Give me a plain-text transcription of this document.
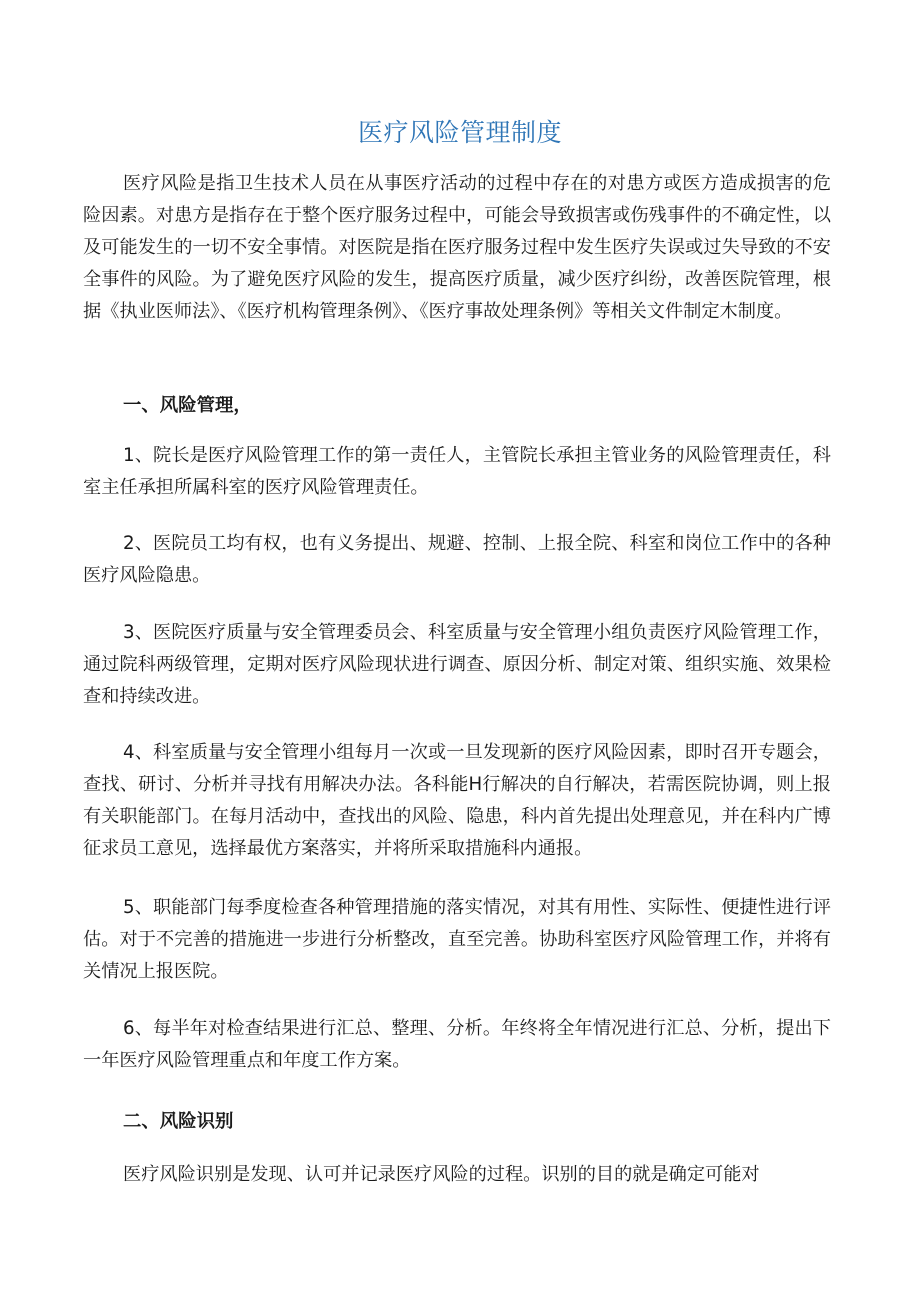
医疗风险管理制度
医疗风险是指卫生技术人员在从事医疗活动的过程中存在的对患方或医方造成损害的危险因素。对患方是指存在于整个医疗服务过程中，可能会导致损害或伤残事件的不确定性，以及可能发生的一切不安全事情。对医院是指在医疗服务过程中发生医疗失误或过失导致的不安全事件的风险。为了避免医疗风险的发生，提高医疗质量，减少医疗纠纷，改善医院管理，根据《执业医师法》、《医疗机构管理条例》、《医疗事故处理条例》等相关文件制定木制度。
一、风险管理，
1、院长是医疗风险管理工作的第一责任人，主管院长承担主管业务的风险管理责任，科室主任承担所属科室的医疗风险管理责任。
2、医院员工均有权，也有义务提出、规避、控制、上报全院、科室和岗位工作中的各种医疗风险隐患。
3、医院医疗质量与安全管理委员会、科室质量与安全管理小组负责医疗风险管理工作，通过院科两级管理，定期对医疗风险现状进行调查、原因分析、制定对策、组织实施、效果检查和持续改进。
4、科室质量与安全管理小组每月一次或一旦发现新的医疗风险因素，即时召开专题会，查找、研讨、分析并寻找有用解决办法。各科能H行解决的自行解决，若需医院协调，则上报有关职能部门。在每月活动中，查找出的风险、隐患，科内首先提出处理意见，并在科内广博征求员工意见，选择最优方案落实，并将所采取措施科内通报。
5、职能部门每季度检查各种管理措施的落实情况，对其有用性、实际性、便捷性进行评估。对于不完善的措施进一步进行分析整改，直至完善。协助科室医疗风险管理工作，并将有关情况上报医院。
6、每半年对检查结果进行汇总、整理、分析。年终将全年情况进行汇总、分析，提出下一年医疗风险管理重点和年度工作方案。
二、风险识别
医疗风险识别是发现、认可并记录医疗风险的过程。识别的目的就是确定可能对
